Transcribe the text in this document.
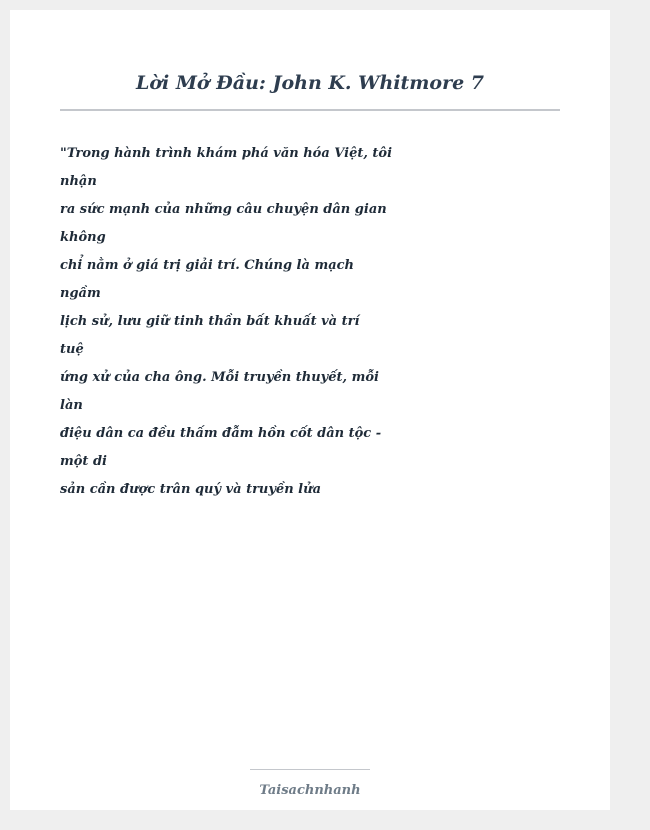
Lời Mở Đầu: John K. Whitmore 7
"Trong hành trình khám phá văn hóa Việt, tôi
nhận
ra sức mạnh của những câu chuyện dân gian
không
chỉ nằm ở giá trị giải trí. Chúng là mạch
ngầm
lịch sử, lưu giữ tinh thần bất khuất và trí
tuệ
ứng xử của cha ông. Mỗi truyền thuyết, mỗi
làn
điệu dân ca đều thấm đẫm hồn cốt dân tộc -
một di
sản cần được trân quý và truyền lửa
Taisachnhanh
